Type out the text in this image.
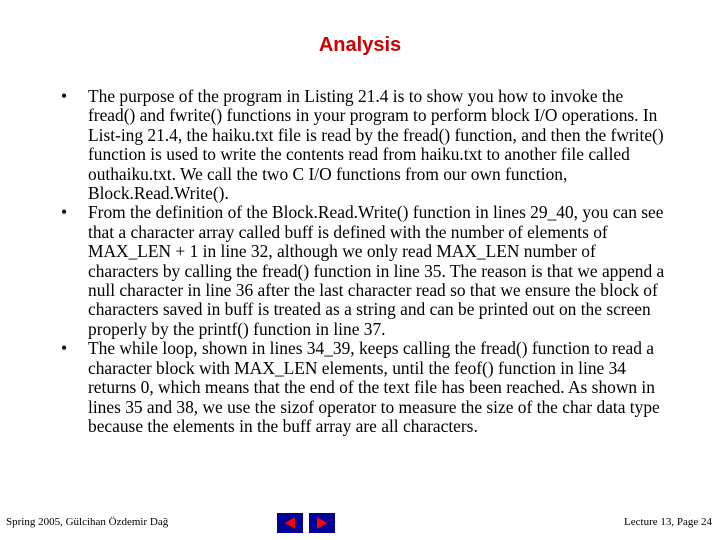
Analysis
• The purpose of the program in Listing 21.4 is to show you how to invoke the fread() and fwrite() functions in your program to perform block I/O operations. In List-ing 21.4, the haiku.txt file is read by the fread() function, and then the fwrite() function is used to write the contents read from haiku.txt to another file called outhaiku.txt. We call the two C I/O functions from our own function, Block.Read.Write().
• From the definition of the Block.Read.Write() function in lines 29_40, you can see that a character array called buff is defined with the number of elements of MAX_LEN + 1 in line 32, although we only read MAX_LEN number of characters by calling the fread() function in line 35. The reason is that we append a null character in line 36 after the last character read so that we ensure the block of characters saved in buff is treated as a string and can be printed out on the screen properly by the printf() function in line 37.
• The while loop, shown in lines 34_39, keeps calling the fread() function to read a character block with MAX_LEN elements, until the feof() function in line 34 returns 0, which means that the end of the text file has been reached. As shown in lines 35 and 38, we use the sizof operator to measure the size of the char data type because the elements in the buff array are all characters.
Spring 2005, Gülcihan Özdemir Dağ	Lecture 13, Page 24
